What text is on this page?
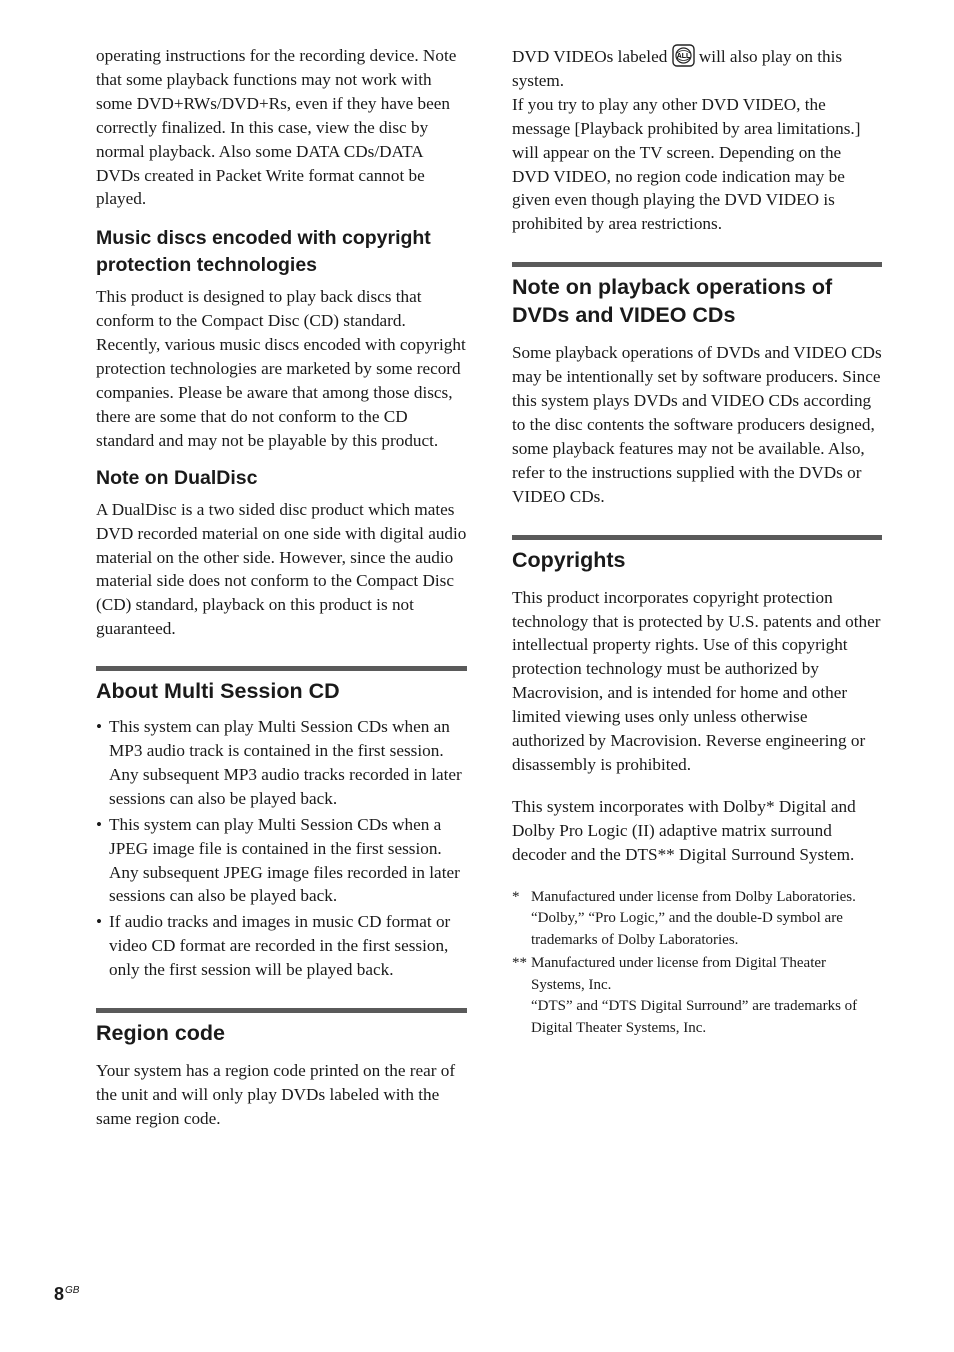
operating instructions for the recording device. Note that some playback functions may not work with some DVD+RWs/DVD+Rs, even if they have been correctly finalized. In this case, view the disc by normal playback. Also some DATA CDs/DATA DVDs created in Packet Write format cannot be played.

Music discs encoded with copyright protection technologies

This product is designed to play back discs that conform to the Compact Disc (CD) standard. Recently, various music discs encoded with copyright protection technologies are marketed by some record companies. Please be aware that among those discs, there are some that do not conform to the CD standard and may not be playable by this product.

Note on DualDisc

A DualDisc is a two sided disc product which mates DVD recorded material on one side with digital audio material on the other side. However, since the audio material side does not conform to the Compact Disc (CD) standard, playback on this product is not guaranteed.

About Multi Session CD
• This system can play Multi Session CDs when an MP3 audio track is contained in the first session. Any subsequent MP3 audio tracks recorded in later sessions can also be played back.
• This system can play Multi Session CDs when a JPEG image file is contained in the first session. Any subsequent JPEG image files recorded in later sessions can also be played back.
• If audio tracks and images in music CD format or video CD format are recorded in the first session, only the first session will be played back.
Region code

Your system has a region code printed on the rear of the unit and will only play DVDs labeled with the same region code.

DVD VIDEOs labeled ALL will also play on this system.

If you try to play any other DVD VIDEO, the message [Playback prohibited by area limitations.] will appear on the TV screen. Depending on the DVD VIDEO, no region code indication may be given even though playing the DVD VIDEO is prohibited by area restrictions.

Note on playback operations of DVDs and VIDEO CDs

Some playback operations of DVDs and VIDEO CDs may be intentionally set by software producers. Since this system plays DVDs and VIDEO CDs according to the disc contents the software producers designed, some playback features may not be available. Also, refer to the instructions supplied with the DVDs or VIDEO CDs.

Copyrights

This product incorporates copyright protection technology that is protected by U.S. patents and other intellectual property rights. Use of this copyright protection technology must be authorized by Macrovision, and is intended for home and other limited viewing uses only unless otherwise authorized by Macrovision. Reverse engineering or disassembly is prohibited.

This system incorporates with Dolby* Digital and Dolby Pro Logic (II) adaptive matrix surround decoder and the DTS** Digital Surround System.

* Manufactured under license from Dolby Laboratories.
“Dolby,” “Pro Logic,” and the double-D symbol are trademarks of Dolby Laboratories.
** Manufactured under license from Digital Theater Systems, Inc.
“DTS” and “DTS Digital Surround” are trademarks of Digital Theater Systems, Inc.
$8^{GB}$
